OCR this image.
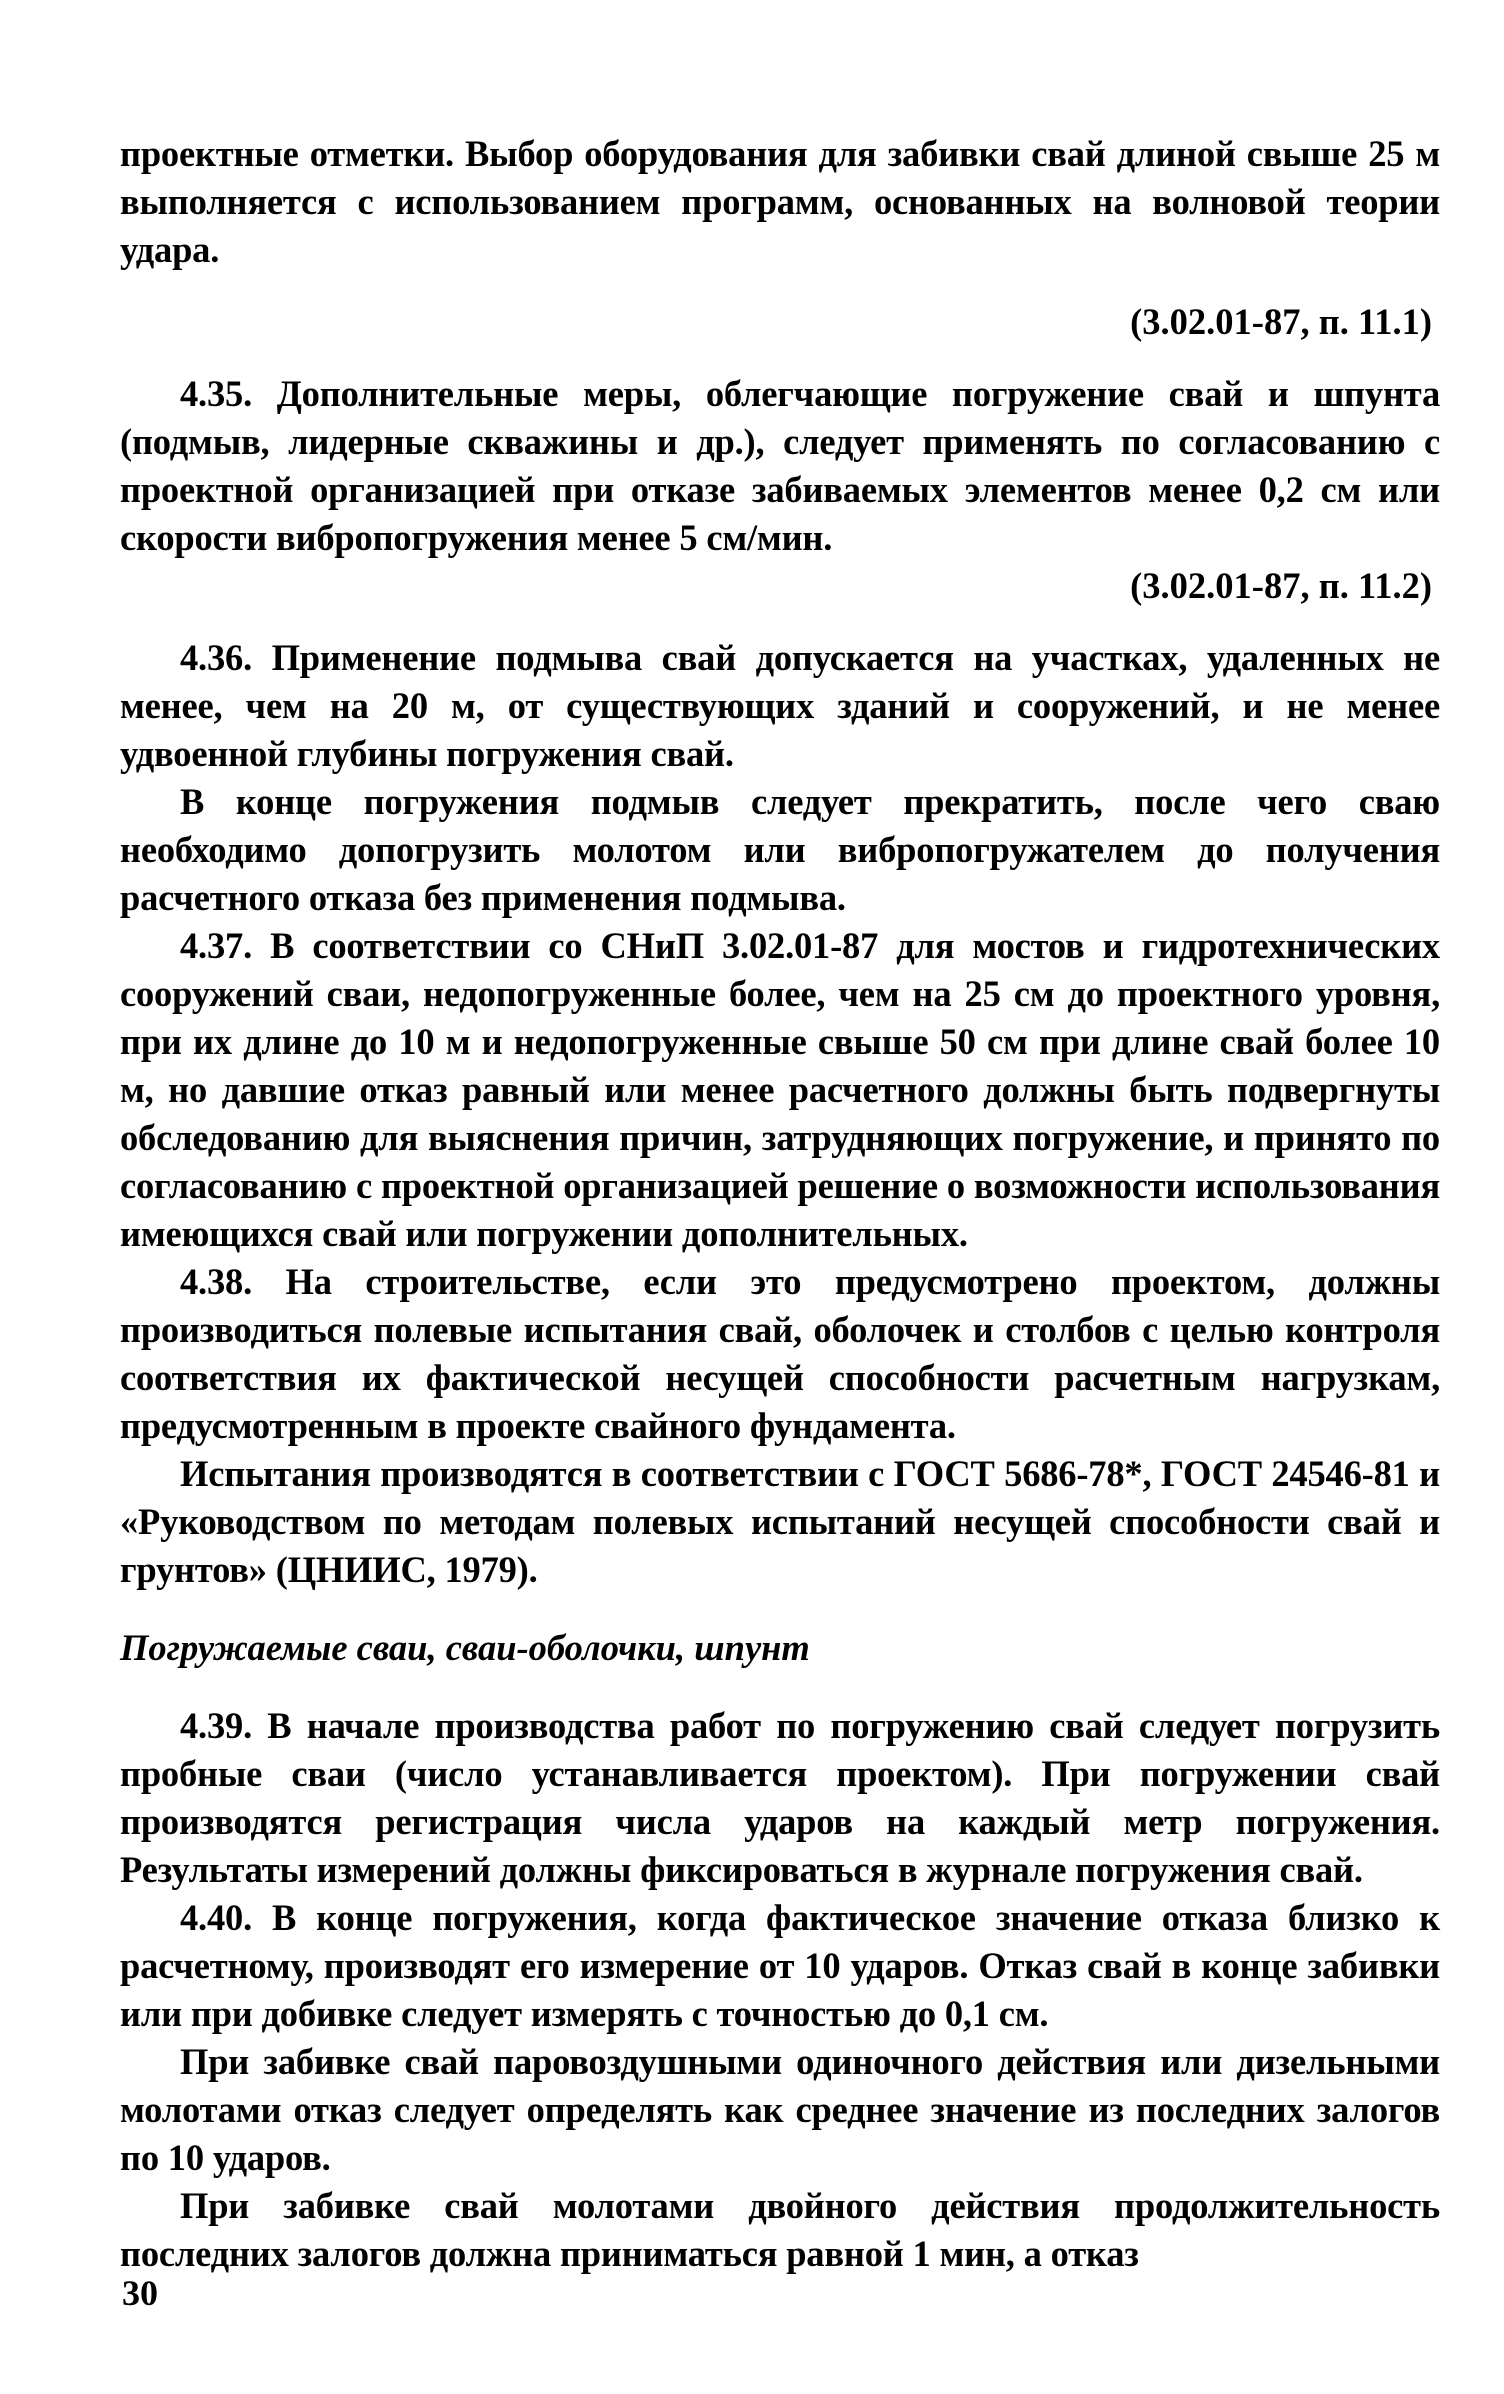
проектные отметки. Выбор оборудования для забивки свай длиной свыше 25 м выполняется с использованием программ, основанных на волновой теории удара.

(3.02.01-87, п. 11.1)

4.35. Дополнительные меры, облегчающие погружение свай и шпунта (подмыв, лидерные скважины и др.), следует применять по согласованию с проектной организацией при отказе забиваемых элементов менее 0,2 см или скорости вибропогружения менее 5 см/мин.

(3.02.01-87, п. 11.2)

4.36. Применение подмыва свай допускается на участках, удаленных не менее, чем на 20 м, от существующих зданий и сооружений, и не менее удвоенной глубины погружения свай.

В конце погружения подмыв следует прекратить, после чего сваю необходимо допогрузить молотом или вибропогружателем до получения расчетного отказа без применения подмыва.

4.37. В соответствии со СНиП 3.02.01-87 для мостов и гидротехнических сооружений сваи, недопогруженные более, чем на 25 см до проектного уровня, при их длине до 10 м и недопогруженные свыше 50 см при длине свай более 10 м, но давшие отказ равный или менее расчетного должны быть подвергнуты обследованию для выяснения причин, затрудняющих погружение, и принято по согласованию с проектной организацией решение о возможности использования имеющихся свай или погружении дополнительных.

4.38. На строительстве, если это предусмотрено проектом, должны производиться полевые испытания свай, оболочек и столбов с целью контроля соответствия их фактической несущей способности расчетным нагрузкам, предусмотренным в проекте свайного фундамента.

Испытания производятся в соответствии с ГОСТ 5686-78*, ГОСТ 24546-81 и «Руководством по методам полевых испытаний несущей способности свай и грунтов» (ЦНИИС, 1979).

Погружаемые сваи, сваи-оболочки, шпунт

4.39. В начале производства работ по погружению свай следует погрузить пробные сваи (число устанавливается проектом). При погружении свай производятся регистрация числа ударов на каждый метр погружения. Результаты измерений должны фиксироваться в журнале погружения свай.

4.40. В конце погружения, когда фактическое значение отказа близко к расчетному, производят его измерение от 10 ударов. Отказ свай в конце забивки или при добивке следует измерять с точностью до 0,1 см.

При забивке свай паровоздушными одиночного действия или дизельными молотами отказ следует определять как среднее значение из последних залогов по 10 ударов.

При забивке свай молотами двойного действия продолжительность последних залогов должна приниматься равной 1 мин, а отказ

30
